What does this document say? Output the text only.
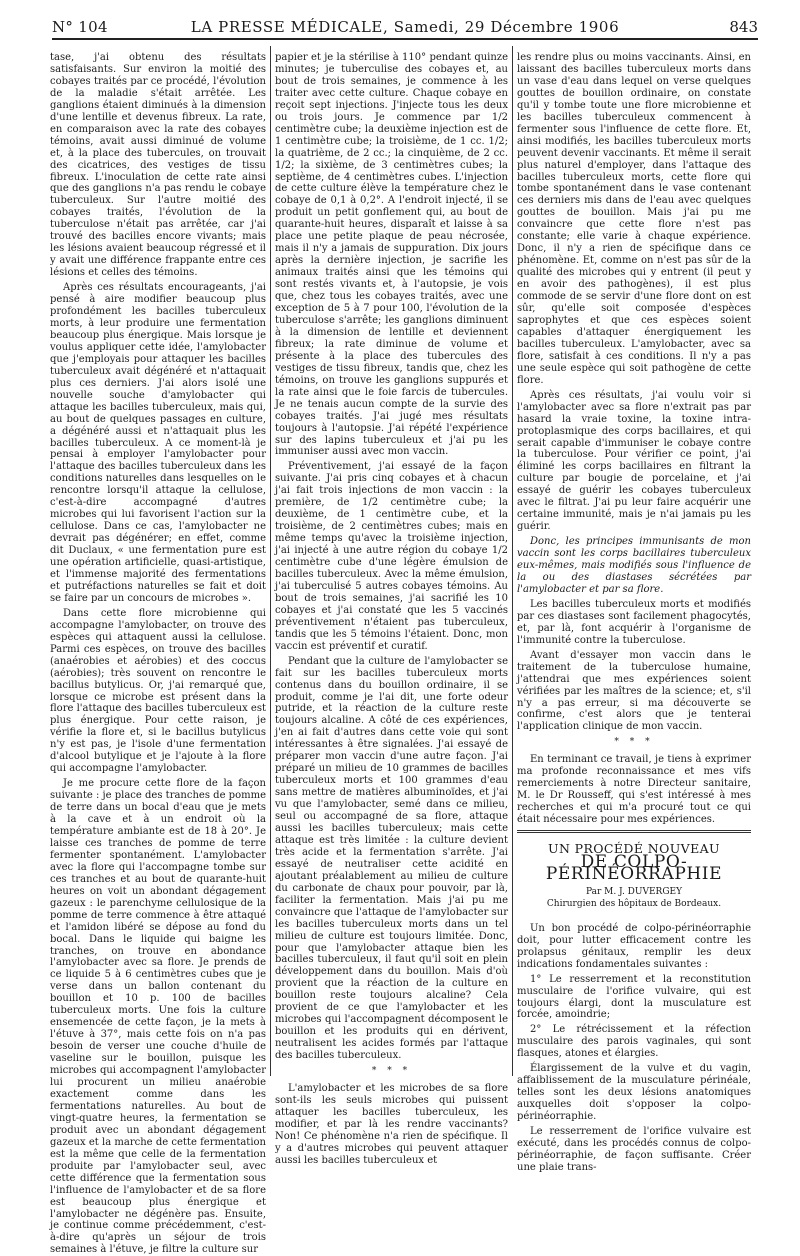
N° 104	LA PRESSE MÉDICALE, Samedi, 29 Décembre 1906	843

tase, j'ai obtenu des résultats satisfaisants. Sur environ la moitié des cobayes traités par ce procédé, l'évolution de la maladie s'était arrêtée. Les ganglions étaient diminués à la dimension d'une lentille et devenus fibreux. La rate, en comparaison avec la rate des cobayes témoins, avait aussi diminué de volume et, à la place des tubercules, on trouvait des cicatrices, des vestiges de tissu fibreux. L'inoculation de cette rate ainsi que des ganglions n'a pas rendu le cobaye tuberculeux. Sur l'autre moitié des cobayes traités, l'évolution de la tuberculose n'était pas arrêtée, car j'ai trouvé des bacilles encore vivants; mais les lésions avaient beaucoup régressé et il y avait une différence frappante entre ces lésions et celles des témoins.

Après ces résultats encourageants, j'ai pensé à aire modifier beaucoup plus profondément les bacilles tuberculeux morts, à leur produire une fermentation beaucoup plus énergique. Mais lorsque je voulus appliquer cette idée, l'amylobacter que j'employais pour attaquer les bacilles tuberculeux avait dégénéré et n'attaquait plus ces derniers. J'ai alors isolé une nouvelle souche d'amylobacter qui attaque les bacilles tuberculeux, mais qui, au bout de quelques passages en culture, a dégénéré aussi et n'attaquait plus les bacilles tuberculeux. A ce moment-là je pensai à employer l'amylobacter pour l'attaque des bacilles tuberculeux dans les conditions naturelles dans lesquelles on le rencontre lorsqu'il attaque la cellulose, c'est-à-dire accompagné d'autres microbes qui lui favorisent l'action sur la cellulose. Dans ce cas, l'amylobacter ne devrait pas dégénérer; en effet, comme dit Duclaux, « une fermentation pure est une opération artificielle, quasi-artistique, et l'immense majorité des fermentations et putréfactions naturelles se fait et doit se faire par un concours de microbes ».

Dans cette flore microbienne qui accompagne l'amylobacter, on trouve des espèces qui attaquent aussi la cellulose. Parmi ces espèces, on trouve des bacilles (anaérobies et aérobies) et des coccus (aérobies); très souvent on rencontre le bacillus butylicus. Or, j'ai remarqué que, lorsque ce microbe est présent dans la flore l'attaque des bacilles tuberculeux est plus énergique. Pour cette raison, je vérifie la flore et, si le bacillus butylicus n'y est pas, je l'isole d'une fermentation d'alcool butylique et je l'ajoute à la flore qui accompagne l'amylobacter.

Je me procure cette flore de la façon suivante : je place des tranches de pomme de terre dans un bocal d'eau que je mets à la cave et à un endroit où la température ambiante est de 18 à 20°. Je laisse ces tranches de pomme de terre fermenter spontanément. L'amylobacter avec la flore qui l'accompagne tombe sur ces tranches et au bout de quarante-huit heures on voit un abondant dégagement gazeux : le parenchyme cellulosique de la pomme de terre commence à être attaqué et l'amidon libéré se dépose au fond du bocal. Dans le liquide qui baigne les tranches, on trouve en abondance l'amylobacter avec sa flore. Je prends de ce liquide 5 à 6 centimètres cubes que je verse dans un ballon contenant du bouillon et 10 p. 100 de bacilles tuberculeux morts. Une fois la culture ensemencée de cette façon, je la mets à l'étuve à 37°, mais cette fois on n'a pas besoin de verser une couche d'huile de vaseline sur le bouillon, puisque les microbes qui accompagnent l'amylobacter lui procurent un milieu anaérobie exactement comme dans les fermentations naturelles. Au bout de vingt-quatre heures, la fermentation se produit avec un abondant dégagement gazeux et la marche de cette fermentation est la même que celle de la fermentation produite par l'amylobacter seul, avec cette différence que la fermentation sous l'influence de l'amylobacter et de sa flore est beaucoup plus énergique et l'amylobacter ne dégénère pas. Ensuite, je continue comme précédemment, c'est-à-dire qu'après un séjour de trois semaines à l'étuve, je filtre la culture sur

papier et je la stérilise à 110° pendant quinze minutes; je tuberculise des cobayes et, au bout de trois semaines, je commence à les traiter avec cette culture. Chaque cobaye en reçoit sept injections. J'injecte tous les deux ou trois jours. Je commence par 1/2 centimètre cube; la deuxième injection est de 1 centimètre cube; la troisième, de 1 cc. 1/2; la quatrième, de 2 cc.; la cinquième, de 2 cc. 1/2; la sixième, de 3 centimètres cubes; la septième, de 4 centimètres cubes. L'injection de cette culture élève la température chez le cobaye de 0,1 à 0,2°. A l'endroit injecté, il se produit un petit gonflement qui, au bout de quarante-huit heures, disparaît et laisse à sa place une petite plaque de peau nécrosée, mais il n'y a jamais de suppuration. Dix jours après la dernière injection, je sacrifie les animaux traités ainsi que les témoins qui sont restés vivants et, à l'autopsie, je vois que, chez tous les cobayes traités, avec une exception de 5 à 7 pour 100, l'évolution de la tuberculose s'arrête; les ganglions diminuent à la dimension de lentille et deviennent fibreux; la rate diminue de volume et présente à la place des tubercules des vestiges de tissu fibreux, tandis que, chez les témoins, on trouve les ganglions suppurés et la rate ainsi que le foie farcis de tubercules. Je ne tenais aucun compte de la survie des cobayes traités. J'ai jugé mes résultats toujours à l'autopsie. J'ai répété l'expérience sur des lapins tuberculeux et j'ai pu les immuniser aussi avec mon vaccin.

Préventivement, j'ai essayé de la façon suivante. J'ai pris cinq cobayes et à chacun j'ai fait trois injections de mon vaccin : la première, de 1/2 centimètre cube; la deuxième, de 1 centimètre cube, et la troisième, de 2 centimètres cubes; mais en même temps qu'avec la troisième injection, j'ai injecté à une autre région du cobaye 1/2 centimètre cube d'une légère émulsion de bacilles tuberculeux. Avec la même émulsion, j'ai tuberculisé 5 autres cobayes témoins. Au bout de trois semaines, j'ai sacrifié les 10 cobayes et j'ai constaté que les 5 vaccinés préventivement n'étaient pas tuberculeux, tandis que les 5 témoins l'étaient. Donc, mon vaccin est préventif et curatif.

Pendant que la culture de l'amylobacter se fait sur les bacilles tuberculeux morts contenus dans du bouillon ordinaire, il se produit, comme je l'ai dit, une forte odeur putride, et la réaction de la culture reste toujours alcaline. A côté de ces expériences, j'en ai fait d'autres dans cette voie qui sont intéressantes à être signalées. J'ai essayé de préparer mon vaccin d'une autre façon. J'ai préparé un milieu de 10 grammes de bacilles tuberculeux morts et 100 grammes d'eau sans mettre de matières albuminoïdes, et j'ai vu que l'amylobacter, semé dans ce milieu, seul ou accompagné de sa flore, attaque aussi les bacilles tuberculeux; mais cette attaque est très limitée : la culture devient très acide et la fermentation s'arrête. J'ai essayé de neutraliser cette acidité en ajoutant préalablement au milieu de culture du carbonate de chaux pour pouvoir, par là, faciliter la fermentation. Mais j'ai pu me convaincre que l'attaque de l'amylobacter sur les bacilles tuberculeux morts dans un tel milieu de culture est toujours limitée. Donc, pour que l'amylobacter attaque bien les bacilles tuberculeux, il faut qu'il soit en plein développement dans du bouillon. Mais d'où provient que la réaction de la culture en bouillon reste toujours alcaline? Cela provient de ce que l'amylobacter et les microbes qui l'accompagnent décomposent le bouillon et les produits qui en dérivent, neutralisent les acides formés par l'attaque des bacilles tuberculeux.

* * *

L'amylobacter et les microbes de sa flore sont-ils les seuls microbes qui puissent attaquer les bacilles tuberculeux, les modifier, et par là les rendre vaccinants? Non! Ce phénomène n'a rien de spécifique. Il y a d'autres microbes qui peuvent attaquer aussi les bacilles tuberculeux et

les rendre plus ou moins vaccinants. Ainsi, en laissant des bacilles tuberculeux morts dans un vase d'eau dans lequel on verse quelques gouttes de bouillon ordinaire, on constate qu'il y tombe toute une flore microbienne et les bacilles tuberculeux commencent à fermenter sous l'influence de cette flore. Et, ainsi modifiés, les bacilles tuberculeux morts peuvent devenir vaccinants. Et même il serait plus naturel d'employer, dans l'attaque des bacilles tuberculeux morts, cette flore qui tombe spontanément dans le vase contenant ces derniers mis dans de l'eau avec quelques gouttes de bouillon. Mais j'ai pu me convaincre que cette flore n'est pas constante; elle varie à chaque expérience. Donc, il n'y a rien de spécifique dans ce phénomène. Et, comme on n'est pas sûr de la qualité des microbes qui y entrent (il peut y en avoir des pathogènes), il est plus commode de se servir d'une flore dont on est sûr, qu'elle soit composée d'espèces saprophytes et que ces espèces soient capables d'attaquer énergiquement les bacilles tuberculeux. L'amylobacter, avec sa flore, satisfait à ces conditions. Il n'y a pas une seule espèce qui soit pathogène de cette flore.

Après ces résultats, j'ai voulu voir si l'amylobacter avec sa flore n'extrait pas par hasard la vraie toxine, la toxine intra-protoplasmique des corps bacillaires, et qui serait capable d'immuniser le cobaye contre la tuberculose. Pour vérifier ce point, j'ai éliminé les corps bacillaires en filtrant la culture par bougie de porcelaine, et j'ai essayé de guérir les cobayes tuberculeux avec le filtrat. J'ai pu leur faire acquérir une certaine immunité, mais je n'ai jamais pu les guérir.

Donc, les principes immunisants de mon vaccin sont les corps bacillaires tuberculeux eux-mêmes, mais modifiés sous l'influence de la ou des diastases sécrétées par l'amylobacter et par sa flore.

Les bacilles tuberculeux morts et modifiés par ces diastases sont facilement phagocytés, et, par là, font acquérir à l'organisme de l'immunité contre la tuberculose.

Avant d'essayer mon vaccin dans le traitement de la tuberculose humaine, j'attendrai que mes expériences soient vérifiées par les maîtres de la science; et, s'il n'y a pas erreur, si ma découverte se confirme, c'est alors que je tenterai l'application clinique de mon vaccin.

* * *

En terminant ce travail, je tiens à exprimer ma profonde reconnaissance et mes vifs remerciements à notre Directeur sanitaire, M. le Dr Rousseff, qui s'est intéressé à mes recherches et qui m'a procuré tout ce qui était nécessaire pour mes expériences.

UN PROCÉDÉ NOUVEAU
DE COLPO-PÉRINÉORRAPHIE
Par M. J. DUVERGEY
Chirurgien des hôpitaux de Bordeaux.

Un bon procédé de colpo-périnéorraphie doit, pour lutter efficacement contre les prolapsus génitaux, remplir les deux indications fondamentales suivantes :

1° Le resserrement et la reconstitution musculaire de l'orifice vulvaire, qui est toujours élargi, dont la musculature est forcée, amoindrie;

2° Le rétrécissement et la réfection musculaire des parois vaginales, qui sont flasques, atones et élargies.

Élargissement de la vulve et du vagin, affaiblissement de la musculature périnéale, telles sont les deux lésions anatomiques auxquelles doit s'opposer la colpo-périnéorraphie.

Le resserrement de l'orifice vulvaire est exécuté, dans les procédés connus de colpo-périnéorraphie, de façon suffisante. Créer une plaie trans-
